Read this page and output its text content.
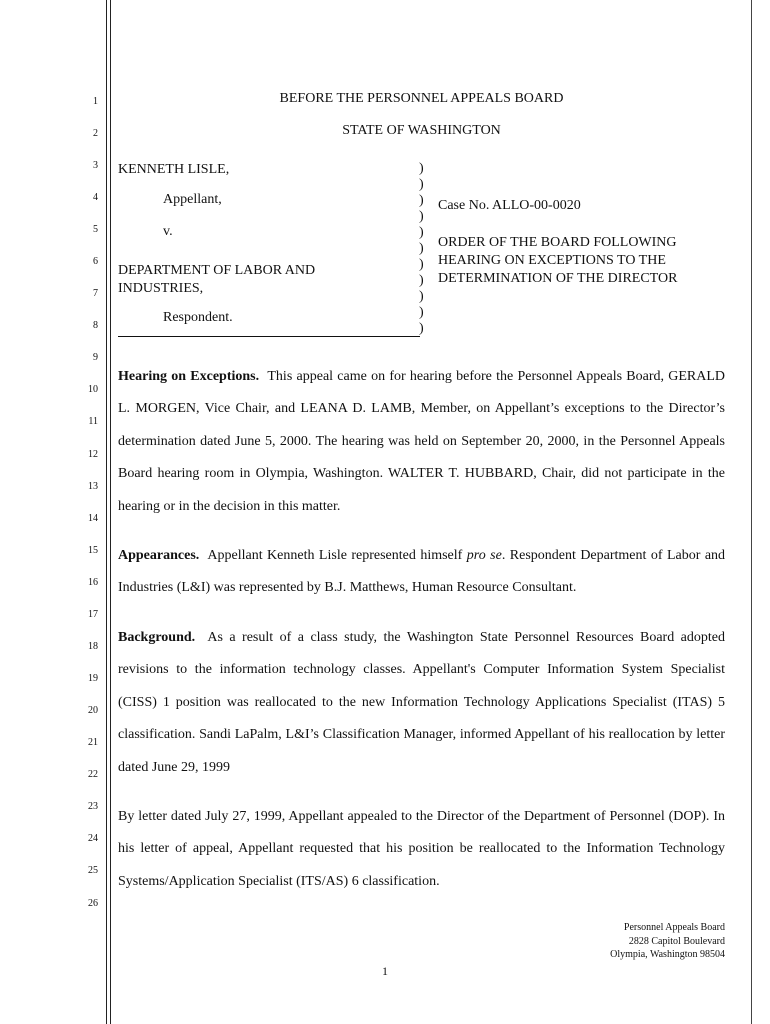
1
2
3
4
5
6
7
8
9
10
11
12
13
14
15
16
17
18
19
20
21
22
23
24
25
26
BEFORE THE PERSONNEL APPEALS BOARD
STATE OF WASHINGTON
KENNETH LISLE,
Appellant,
v.
DEPARTMENT OF LABOR AND
INDUSTRIES,
Respondent.
)
)
)
)
)
)
)
)
)
)
)
Case No. ALLO-00-0020
ORDER OF THE BOARD FOLLOWING
HEARING ON EXCEPTIONS TO THE
DETERMINATION OF THE DIRECTOR
Hearing on Exceptions. This appeal came on for hearing before the Personnel Appeals Board, GERALD L. MORGEN, Vice Chair, and LEANA D. LAMB, Member, on Appellant’s exceptions to the Director’s determination dated June 5, 2000. The hearing was held on September 20, 2000, in the Personnel Appeals Board hearing room in Olympia, Washington. WALTER T. HUBBARD, Chair, did not participate in the hearing or in the decision in this matter.
Appearances. Appellant Kenneth Lisle represented himself pro se. Respondent Department of Labor and Industries (L&I) was represented by B.J. Matthews, Human Resource Consultant.
Background. As a result of a class study, the Washington State Personnel Resources Board adopted revisions to the information technology classes. Appellant's Computer Information System Specialist (CISS) 1 position was reallocated to the new Information Technology Applications Specialist (ITAS) 5 classification. Sandi LaPalm, L&I’s Classification Manager, informed Appellant of his reallocation by letter dated June 29, 1999
By letter dated July 27, 1999, Appellant appealed to the Director of the Department of Personnel (DOP). In his letter of appeal, Appellant requested that his position be reallocated to the Information Technology Systems/Application Specialist (ITS/AS) 6 classification.
Personnel Appeals Board
2828 Capitol Boulevard
Olympia, Washington 98504
1
